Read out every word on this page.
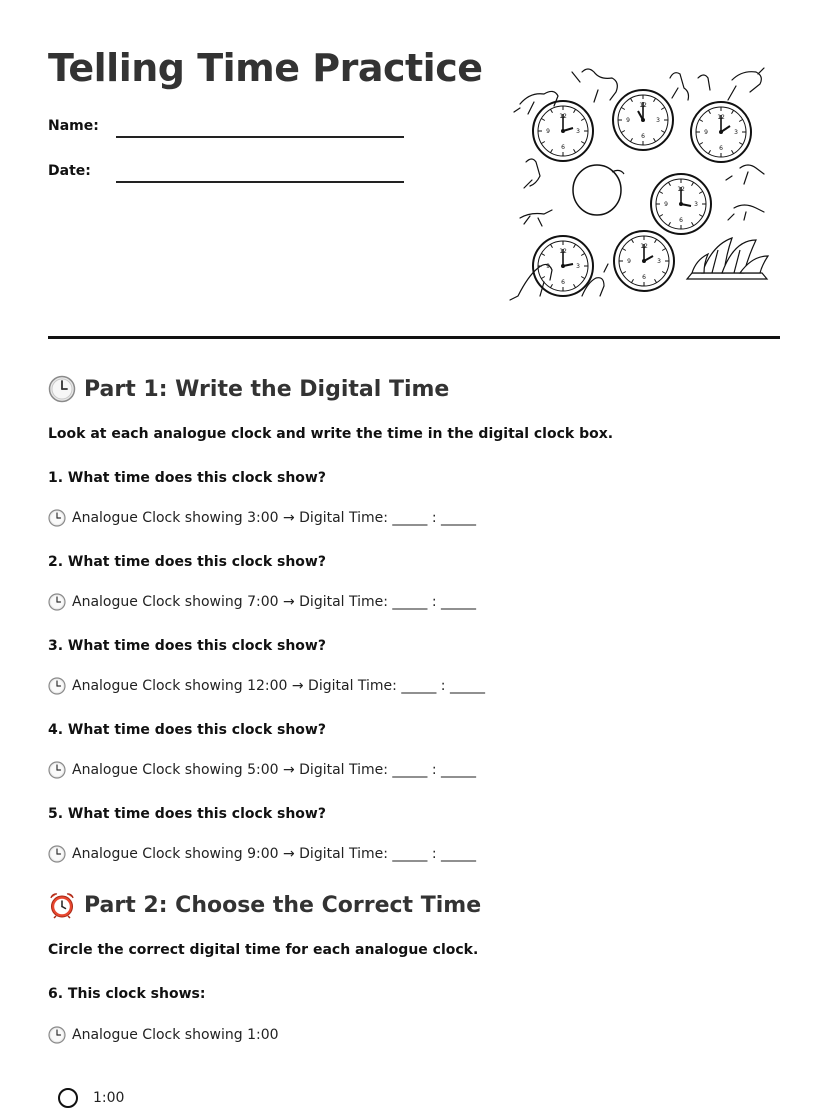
Telling Time Practice
Name:
Date:
12
3
6
9
Part 1: Write the Digital Time
Look at each analogue clock and write the time in the digital clock box.
1. What time does this clock show?
Analogue Clock showing 3:00 → Digital Time: _____ : _____
2. What time does this clock show?
Analogue Clock showing 7:00 → Digital Time: _____ : _____
3. What time does this clock show?
Analogue Clock showing 12:00 → Digital Time: _____ : _____
4. What time does this clock show?
Analogue Clock showing 5:00 → Digital Time: _____ : _____
5. What time does this clock show?
Analogue Clock showing 9:00 → Digital Time: _____ : _____
Part 2: Choose the Correct Time
Circle the correct digital time for each analogue clock.
6. This clock shows:
Analogue Clock showing 1:00
1:00
